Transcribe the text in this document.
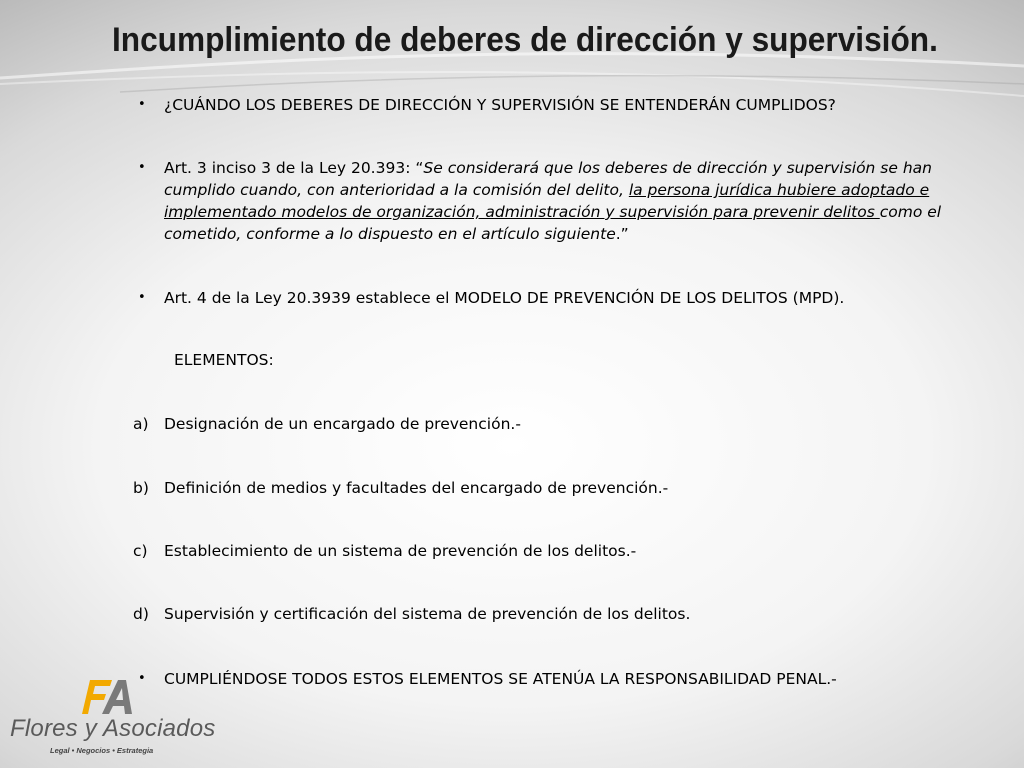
Incumplimiento de deberes de dirección y supervisión.
• ¿CUÁNDO LOS DEBERES DE DIRECCIÓN Y SUPERVISIÓN SE ENTENDERÁN CUMPLIDOS?

• Art. 3 inciso 3 de la Ley 20.393: “Se considerará que los deberes de dirección y supervisión se han cumplido cuando, con anterioridad a la comisión del delito, la persona jurídica hubiere adoptado e implementado modelos de organización, administración y supervisión para prevenir delitos como el cometido, conforme a lo dispuesto en el artículo siguiente.”

• Art. 4 de la Ley 20.3939 establece el MODELO DE PREVENCIÓN DE LOS DELITOS (MPD).

ELEMENTOS:

a) Designación de un encargado de prevención.-

b) Definición de medios y facultades del encargado de prevención.-

c) Establecimiento de un sistema de prevención de los delitos.-

d) Supervisión y certificación del sistema de prevención de los delitos.

• CUMPLIÉNDOSE TODOS ESTOS ELEMENTOS SE ATENÚA LA RESPONSABILIDAD PENAL.-

Flores y Asociados
Legal • Negocios • Estrategia
